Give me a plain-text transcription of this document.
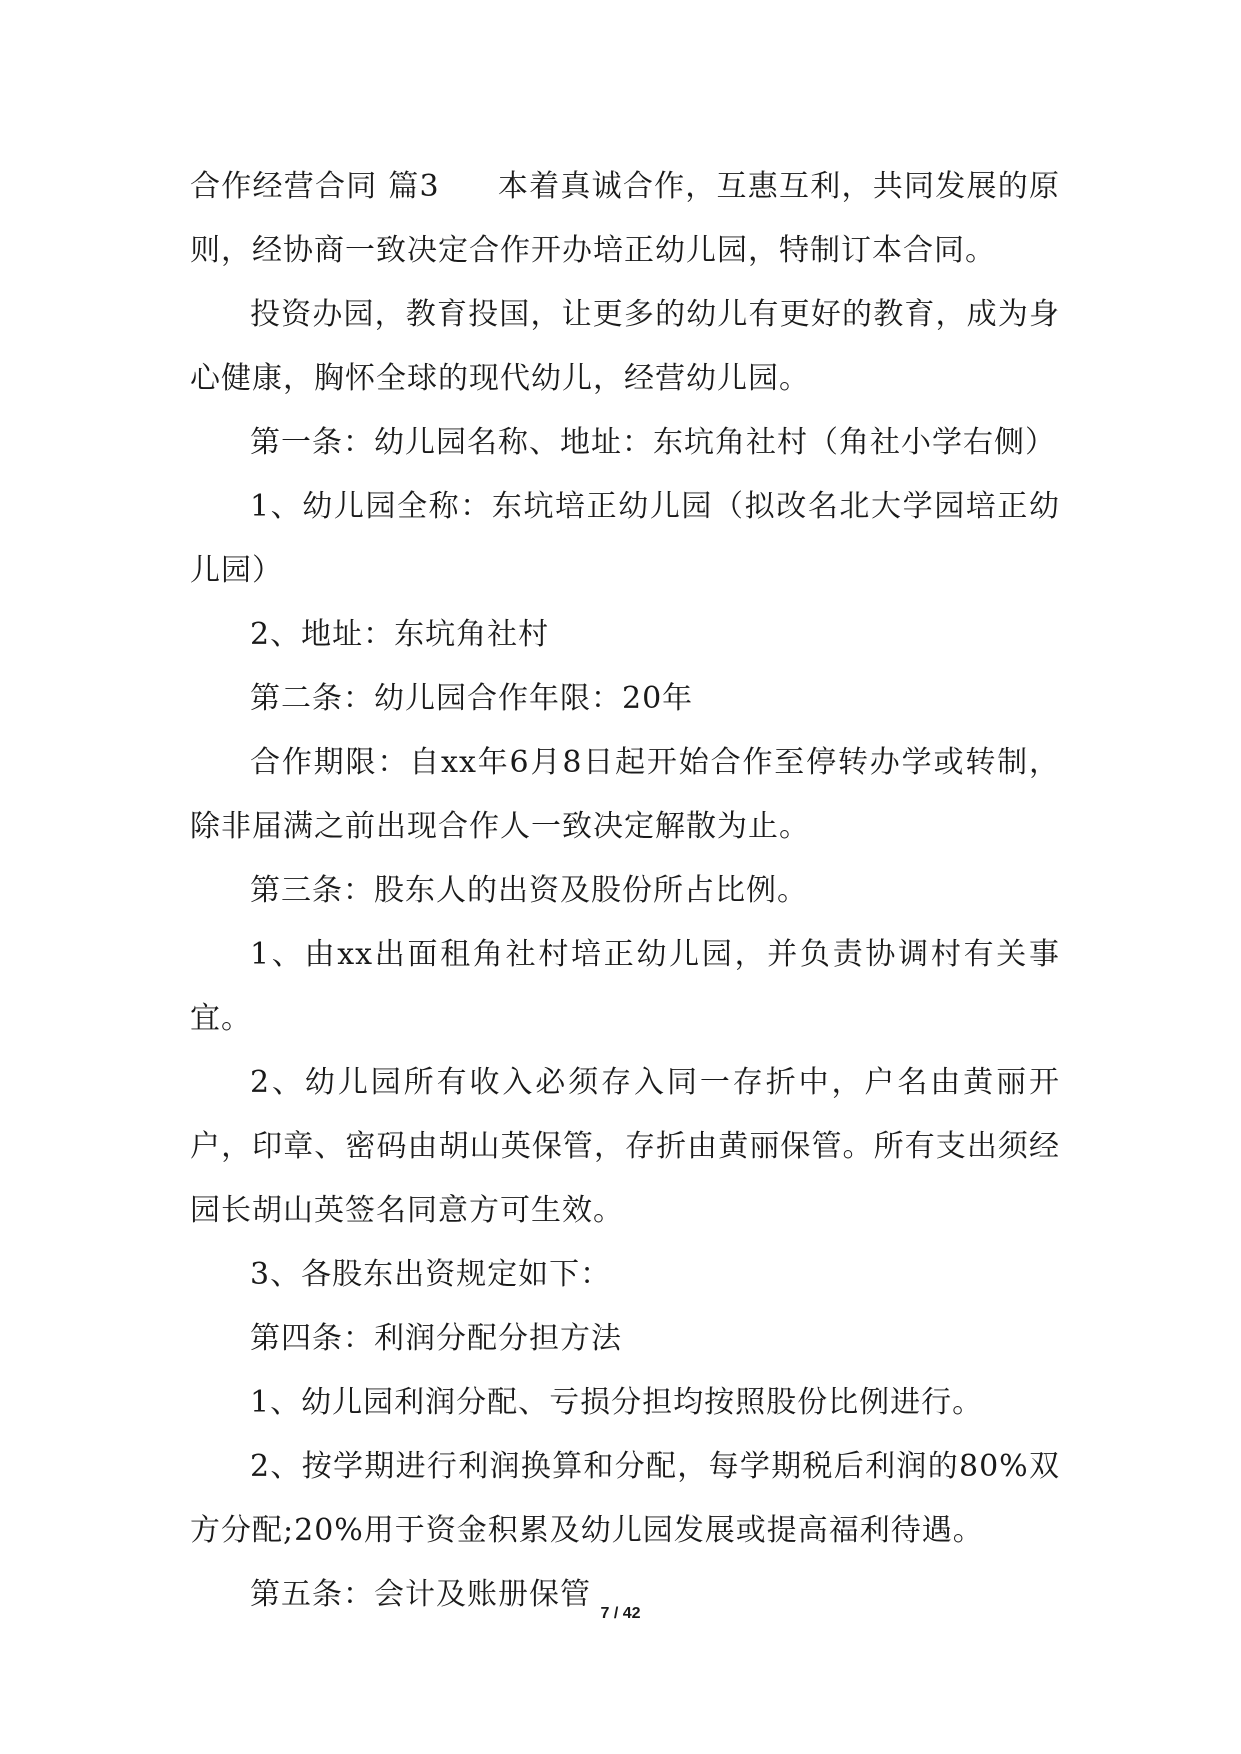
合作经营合同 篇3 本着真诚合作，互惠互利，共同发展的原则，经协商一致决定合作开办培正幼儿园，特制订本合同。

投资办园，教育投国，让更多的幼儿有更好的教育，成为身心健康，胸怀全球的现代幼儿，经营幼儿园。

第一条：幼儿园名称、地址：东坑角社村（角社小学右侧）

1、幼儿园全称：东坑培正幼儿园（拟改名北大学园培正幼儿园）

2、地址：东坑角社村

第二条：幼儿园合作年限：20年

合作期限：自xx年6月8日起开始合作至停转办学或转制，除非届满之前出现合作人一致决定解散为止。

第三条：股东人的出资及股份所占比例。

1、由xx出面租角社村培正幼儿园，并负责协调村有关事宜。

2、幼儿园所有收入必须存入同一存折中，户名由黄丽开户，印章、密码由胡山英保管，存折由黄丽保管。所有支出须经园长胡山英签名同意方可生效。

3、各股东出资规定如下：

第四条：利润分配分担方法

1、幼儿园利润分配、亏损分担均按照股份比例进行。

2、按学期进行利润换算和分配，每学期税后利润的80%双方分配;20%用于资金积累及幼儿园发展或提高福利待遇。

第五条：会计及账册保管

7 / 42
